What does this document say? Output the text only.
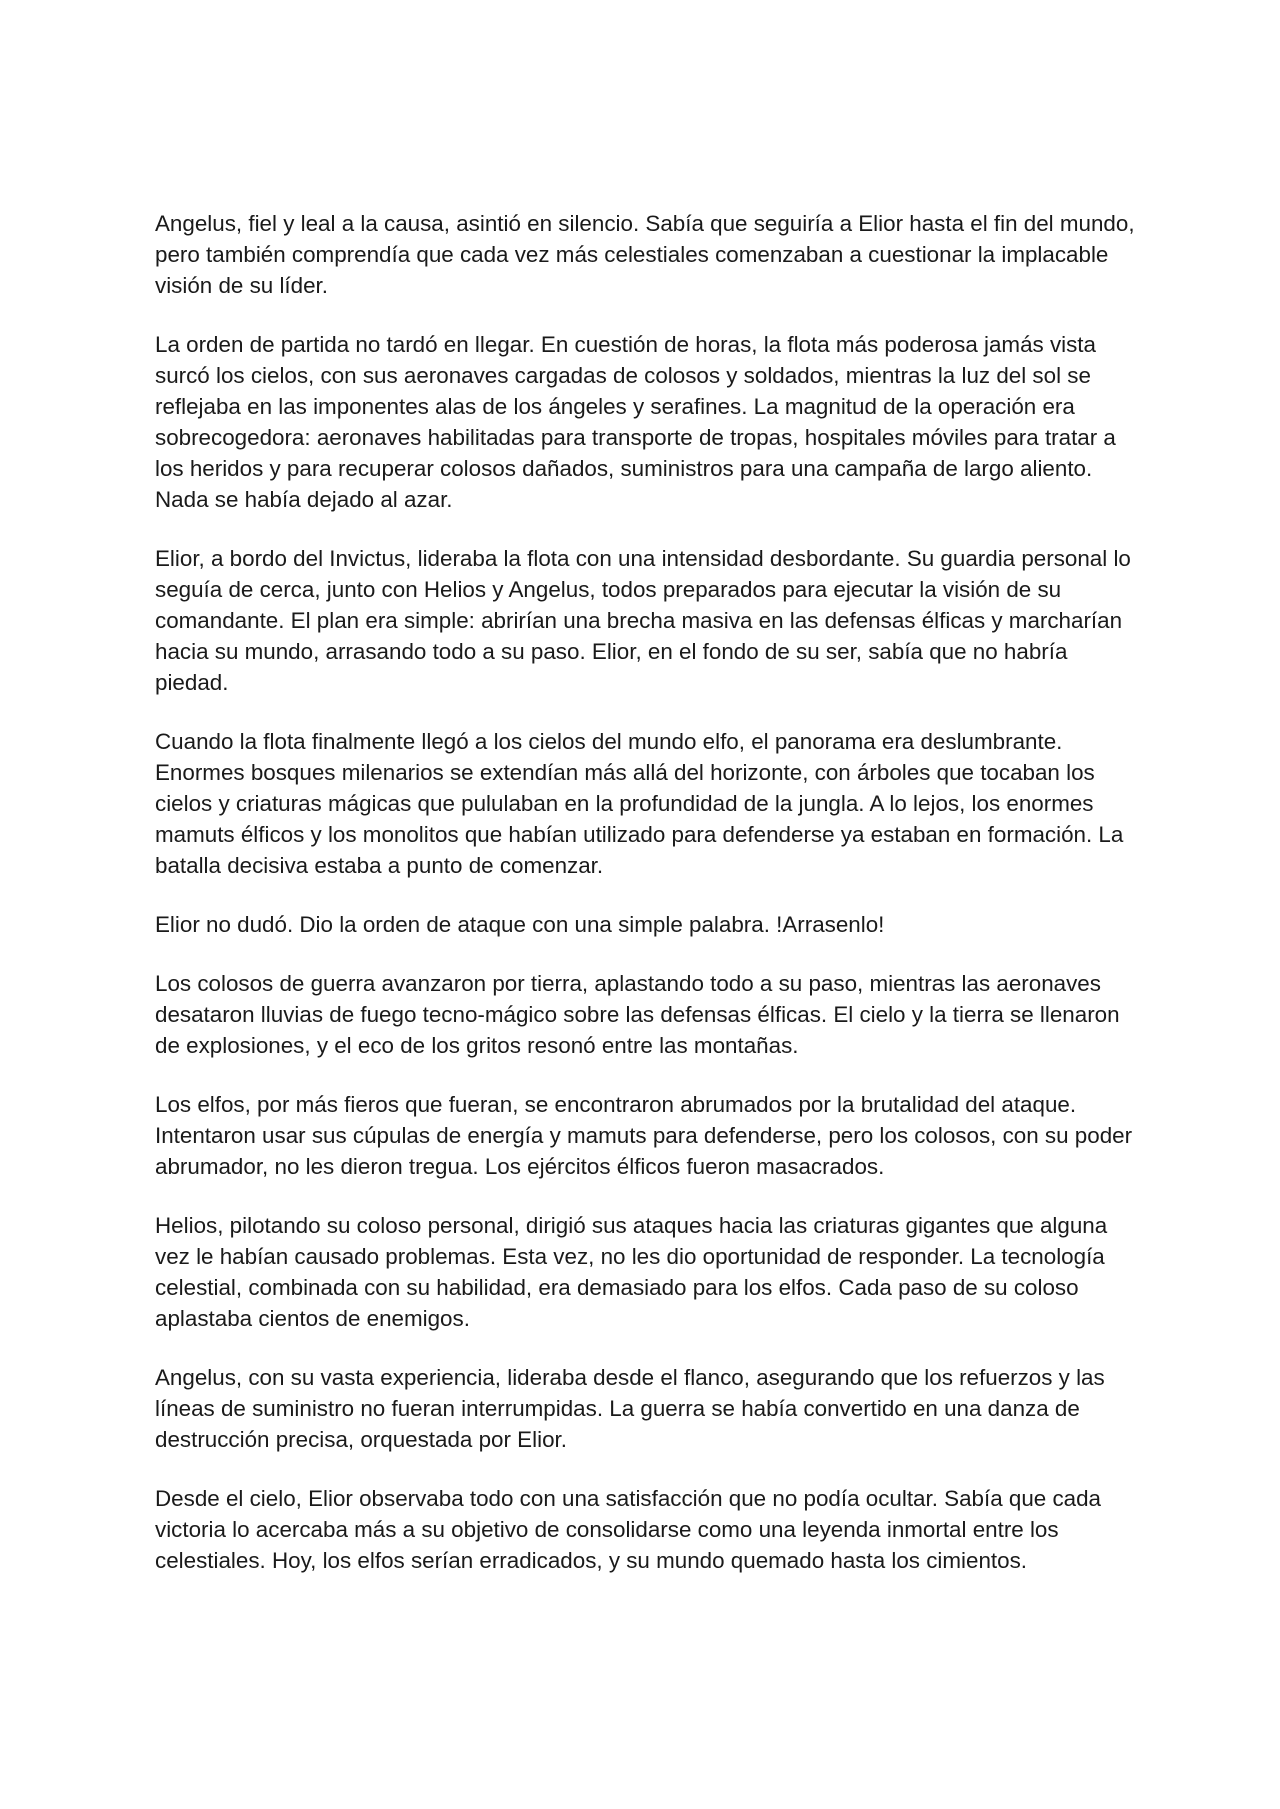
Angelus, fiel y leal a la causa, asintió en silencio. Sabía que seguiría a Elior hasta el fin del mundo, pero también comprendía que cada vez más celestiales comenzaban a cuestionar la implacable visión de su líder.

La orden de partida no tardó en llegar. En cuestión de horas, la flota más poderosa jamás vista surcó los cielos, con sus aeronaves cargadas de colosos y soldados, mientras la luz del sol se reflejaba en las imponentes alas de los ángeles y serafines. La magnitud de la operación era sobrecogedora: aeronaves habilitadas para transporte de tropas, hospitales móviles para tratar a los heridos y para recuperar colosos dañados, suministros para una campaña de largo aliento. Nada se había dejado al azar.

Elior, a bordo del Invictus, lideraba la flota con una intensidad desbordante. Su guardia personal lo seguía de cerca, junto con Helios y Angelus, todos preparados para ejecutar la visión de su comandante. El plan era simple: abrirían una brecha masiva en las defensas élficas y marcharían hacia su mundo, arrasando todo a su paso. Elior, en el fondo de su ser, sabía que no habría piedad.

Cuando la flota finalmente llegó a los cielos del mundo elfo, el panorama era deslumbrante. Enormes bosques milenarios se extendían más allá del horizonte, con árboles que tocaban los cielos y criaturas mágicas que pululaban en la profundidad de la jungla. A lo lejos, los enormes mamuts élficos y los monolitos que habían utilizado para defenderse ya estaban en formación. La batalla decisiva estaba a punto de comenzar.

Elior no dudó. Dio la orden de ataque con una simple palabra. !Arrasenlo!

Los colosos de guerra avanzaron por tierra, aplastando todo a su paso, mientras las aeronaves desataron lluvias de fuego tecno-mágico sobre las defensas élficas. El cielo y la tierra se llenaron de explosiones, y el eco de los gritos resonó entre las montañas.

Los elfos, por más fieros que fueran, se encontraron abrumados por la brutalidad del ataque. Intentaron usar sus cúpulas de energía y mamuts para defenderse, pero los colosos, con su poder abrumador, no les dieron tregua. Los ejércitos élficos fueron masacrados.

Helios, pilotando su coloso personal, dirigió sus ataques hacia las criaturas gigantes que alguna vez le habían causado problemas. Esta vez, no les dio oportunidad de responder. La tecnología celestial, combinada con su habilidad, era demasiado para los elfos. Cada paso de su coloso aplastaba cientos de enemigos.

Angelus, con su vasta experiencia, lideraba desde el flanco, asegurando que los refuerzos y las líneas de suministro no fueran interrumpidas. La guerra se había convertido en una danza de destrucción precisa, orquestada por Elior.

Desde el cielo, Elior observaba todo con una satisfacción que no podía ocultar. Sabía que cada victoria lo acercaba más a su objetivo de consolidarse como una leyenda inmortal entre los celestiales. Hoy, los elfos serían erradicados, y su mundo quemado hasta los cimientos.
